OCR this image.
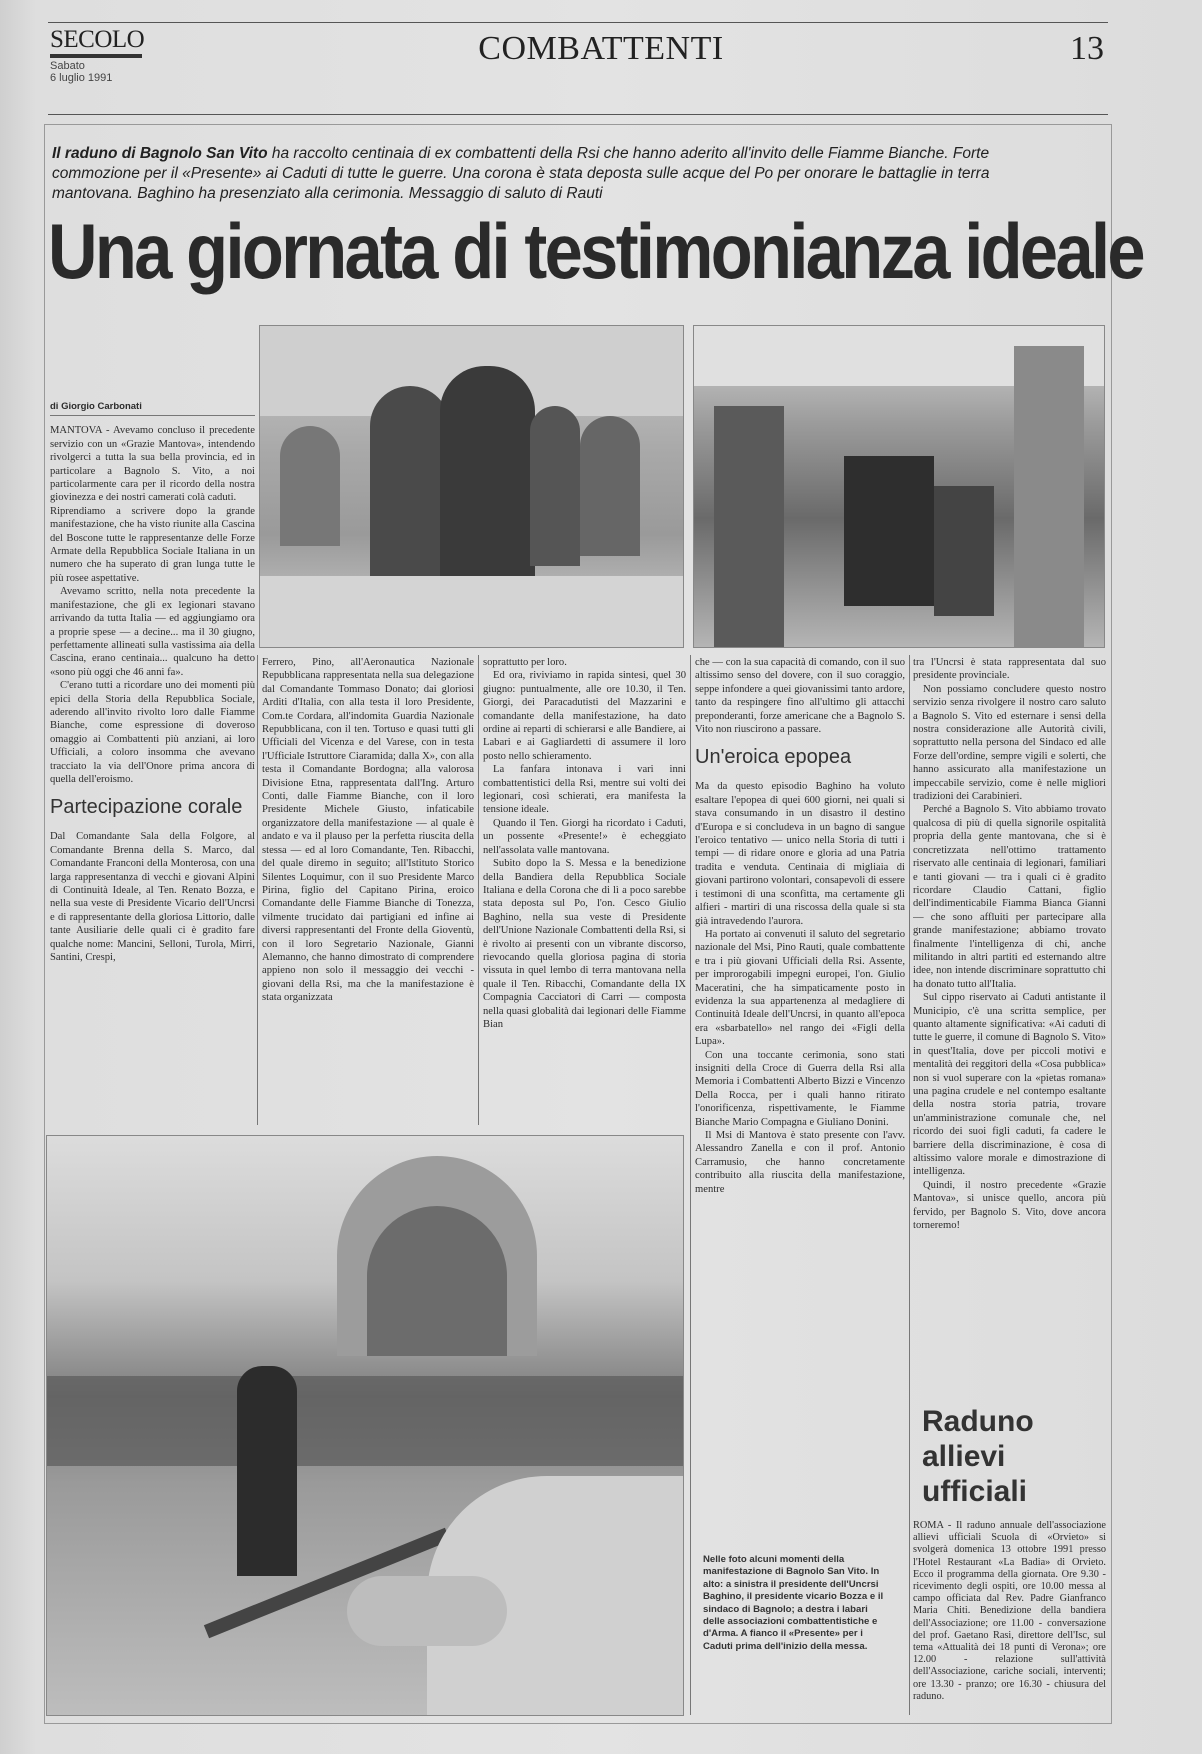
SECOLO
Sabato
6 luglio 1991
COMBATTENTI	13
Il raduno di Bagnolo San Vito ha raccolto centinaia di ex combattenti della Rsi che hanno aderito all'invito delle Fiamme Bianche. Forte commozione per il «Presente» ai Caduti di tutte le guerre. Una corona è stata deposta sulle acque del Po per onorare le battaglie in terra mantovana. Baghino ha presenziato alla cerimonia. Messaggio di saluto di Rauti
Una giornata di testimonianza ideale
di Giorgio Carbonati

MANTOVA - Avevamo concluso il precedente servizio con un «Grazie Mantova», intendendo rivolgerci a tutta la sua bella provincia, ed in particolare a Bagnolo S. Vito, a noi particolarmente cara per il ricordo della nostra giovinezza e dei nostri camerati colà caduti.

Riprendiamo a scrivere dopo la grande manifestazione, che ha visto riunite alla Cascina del Boscone tutte le rappresentanze delle Forze Armate della Repubblica Sociale Italiana in un numero che ha superato di gran lunga tutte le più rosee aspettative.

Avevamo scritto, nella nota precedente la manifestazione, che gli ex legionari stavano arrivando da tutta Italia — ed aggiungiamo ora a proprie spese — a decine... ma il 30 giugno, perfettamente allineati sulla vastissima aia della Cascina, erano centinaia... qualcuno ha detto «sono più oggi che 46 anni fa».

C'erano tutti a ricordare uno dei momenti più epici della Storia della Repubblica Sociale, aderendo all'invito rivolto loro dalle Fiamme Bianche, come espressione di doveroso omaggio ai Combattenti più anziani, ai loro Ufficiali, a coloro insomma che avevano tracciato la via dell'Onore prima ancora di quella dell'eroismo.

Partecipazione corale

Dal Comandante Sala della Folgore, al Comandante Brenna della S. Marco, dal Comandante Franconi della Monterosa, con una larga rappresentanza di vecchi e giovani Alpini di Continuità Ideale, al Ten. Renato Bozza, e nella sua veste di Presidente Vicario dell'Uncrsi e di rappresentante della gloriosa Littorio, dalle tante Ausiliarie delle quali ci è gradito fare qualche nome: Mancini, Selloni, Turola, Mirri, Santini, Crespi,

Ferrero, Pino, all'Aeronautica Nazionale Repubblicana rappresentata nella sua delegazione dal Comandante Tommaso Donato; dai gloriosi Arditi d'Italia, con alla testa il loro Presidente, Com.te Cordara, all'indomita Guardia Nazionale Repubblicana, con il ten. Tortuso e quasi tutti gli Ufficiali del Vicenza e del Varese, con in testa l'Ufficiale Istruttore Ciaramida; dalla X», con alla testa il Comandante Bordogna; alla valorosa Divisione Etna, rappresentata dall'Ing. Arturo Conti, dalle Fiamme Bianche, con il loro Presidente Michele Giusto, infaticabile organizzatore della manifestazione — al quale è andato e va il plauso per la perfetta riuscita della stessa — ed al loro Comandante, Ten. Ribacchi, del quale diremo in seguito; all'Istituto Storico Silentes Loquimur, con il suo Presidente Marco Pirina, figlio del Capitano Pirina, eroico Comandante delle Fiamme Bianche di Tonezza, vilmente trucidato dai partigiani ed infine ai diversi rappresentanti del Fronte della Gioventù, con il loro Segretario Nazionale, Gianni Alemanno, che hanno dimostrato di comprendere appieno non solo il messaggio dei vecchi - giovani della Rsi, ma che la manifestazione è stata organizzata

soprattutto per loro.

Ed ora, riviviamo in rapida sintesi, quel 30 giugno: puntualmente, alle ore 10.30, il Ten. Giorgi, dei Paracadutisti del Mazzarini e comandante della manifestazione, ha dato ordine ai reparti di schierarsi e alle Bandiere, ai Labari e ai Gagliardetti di assumere il loro posto nello schieramento.

La fanfara intonava i vari inni combattentistici della Rsi, mentre sui volti dei legionari, così schierati, era manifesta la tensione ideale.

Quando il Ten. Giorgi ha ricordato i Caduti, un possente «Presente!» è echeggiato nell'assolata valle mantovana.

Subito dopo la S. Messa e la benedizione della Bandiera della Repubblica Sociale Italiana e della Corona che di lì a poco sarebbe stata deposta sul Po, l'on. Cesco Giulio Baghino, nella sua veste di Presidente dell'Unione Nazionale Combattenti della Rsi, si è rivolto ai presenti con un vibrante discorso, rievocando quella gloriosa pagina di storia vissuta in quel lembo di terra mantovana nella quale il Ten. Ribacchi, Comandante della IX Compagnia Cacciatori di Carri — composta nella quasi globalità dai legionari delle Fiamme Bian

che — con la sua capacità di comando, con il suo altissimo senso del dovere, con il suo coraggio, seppe infondere a quei giovanissimi tanto ardore, tanto da respingere fino all'ultimo gli attacchi preponderanti, forze americane che a Bagnolo S. Vito non riuscirono a passare.

Un'eroica epopea

Ma da questo episodio Baghino ha voluto esaltare l'epopea di quei 600 giorni, nei quali si stava consumando in un disastro il destino d'Europa e si concludeva in un bagno di sangue l'eroico tentativo — unico nella Storia di tutti i tempi — di ridare onore e gloria ad una Patria tradita e venduta. Centinaia di migliaia di giovani partirono volontari, consapevoli di essere i testimoni di una sconfitta, ma certamente gli alfieri - martiri di una riscossa della quale si sta già intravedendo l'aurora.

Ha portato ai convenuti il saluto del segretario nazionale del Msi, Pino Rauti, quale combattente e tra i più giovani Ufficiali della Rsi. Assente, per improrogabili impegni europei, l'on. Giulio Maceratini, che ha simpaticamente posto in evidenza la sua appartenenza al medagliere di Continuità Ideale dell'Uncrsi, in quanto all'epoca era «sbarbatello» nel rango dei «Figli della Lupa».

Con una toccante cerimonia, sono stati insigniti della Croce di Guerra della Rsi alla Memoria i Combattenti Alberto Bizzi e Vincenzo Della Rocca, per i quali hanno ritirato l'onorificenza, rispettivamente, le Fiamme Bianche Mario Compagna e Giuliano Donini.

Il Msi di Mantova è stato presente con l'avv. Alessandro Zanella e con il prof. Antonio Carramusio, che hanno concretamente contribuito alla riuscita della manifestazione, mentre

tra l'Uncrsi è stata rappresentata dal suo presidente provinciale.

Non possiamo concludere questo nostro servizio senza rivolgere il nostro caro saluto a Bagnolo S. Vito ed esternare i sensi della nostra considerazione alle Autorità civili, soprattutto nella persona del Sindaco ed alle Forze dell'ordine, sempre vigili e solerti, che hanno assicurato alla manifestazione un impeccabile servizio, come è nelle migliori tradizioni dei Carabinieri.

Perché a Bagnolo S. Vito abbiamo trovato qualcosa di più di quella signorile ospitalità propria della gente mantovana, che si è concretizzata nell'ottimo trattamento riservato alle centinaia di legionari, familiari e tanti giovani — tra i quali ci è gradito ricordare Claudio Cattani, figlio dell'indimenticabile Fiamma Bianca Gianni — che sono affluiti per partecipare alla grande manifestazione; abbiamo trovato finalmente l'intelligenza di chi, anche militando in altri partiti ed esternando altre idee, non intende discriminare soprattutto chi ha donato tutto all'Italia.

Sul cippo riservato ai Caduti antistante il Municipio, c'è una scritta semplice, per quanto altamente significativa: «Ai caduti di tutte le guerre, il comune di Bagnolo S. Vito» in quest'Italia, dove per piccoli motivi e mentalità dei reggitori della «Cosa pubblica» non si vuol superare con la «pietas romana» una pagina crudele e nel contempo esaltante della nostra storia patria, trovare un'amministrazione comunale che, nel ricordo dei suoi figli caduti, fa cadere le barriere della discriminazione, è cosa di altissimo valore morale e dimostrazione di intelligenza.

Quindi, il nostro precedente «Grazie Mantova», si unisce quello, ancora più fervido, per Bagnolo S. Vito, dove ancora torneremo!

Nelle foto alcuni momenti della manifestazione di Bagnolo San Vito. In alto: a sinistra il presidente dell'Uncrsi Baghino, il presidente vicario Bozza e il sindaco di Bagnolo; a destra i labari delle associazioni combattentistiche e d'Arma. A fianco il «Presente» per i Caduti prima dell'inizio della messa.
Raduno allievi ufficiali

ROMA - Il raduno annuale dell'associazione allievi ufficiali Scuola di «Orvieto» si svolgerà domenica 13 ottobre 1991 presso l'Hotel Restaurant «La Badia» di Orvieto. Ecco il programma della giornata. Ore 9.30 - ricevimento degli ospiti, ore 10.00 messa al campo officiata dal Rev. Padre Gianfranco Maria Chiti. Benedizione della bandiera dell'Associazione; ore 11.00 - conversazione del prof. Gaetano Rasi, direttore dell'Isc, sul tema «Attualità dei 18 punti di Verona»; ore 12.00 - relazione sull'attività dell'Associazione, cariche sociali, interventi; ore 13.30 - pranzo; ore 16.30 - chiusura del raduno.
